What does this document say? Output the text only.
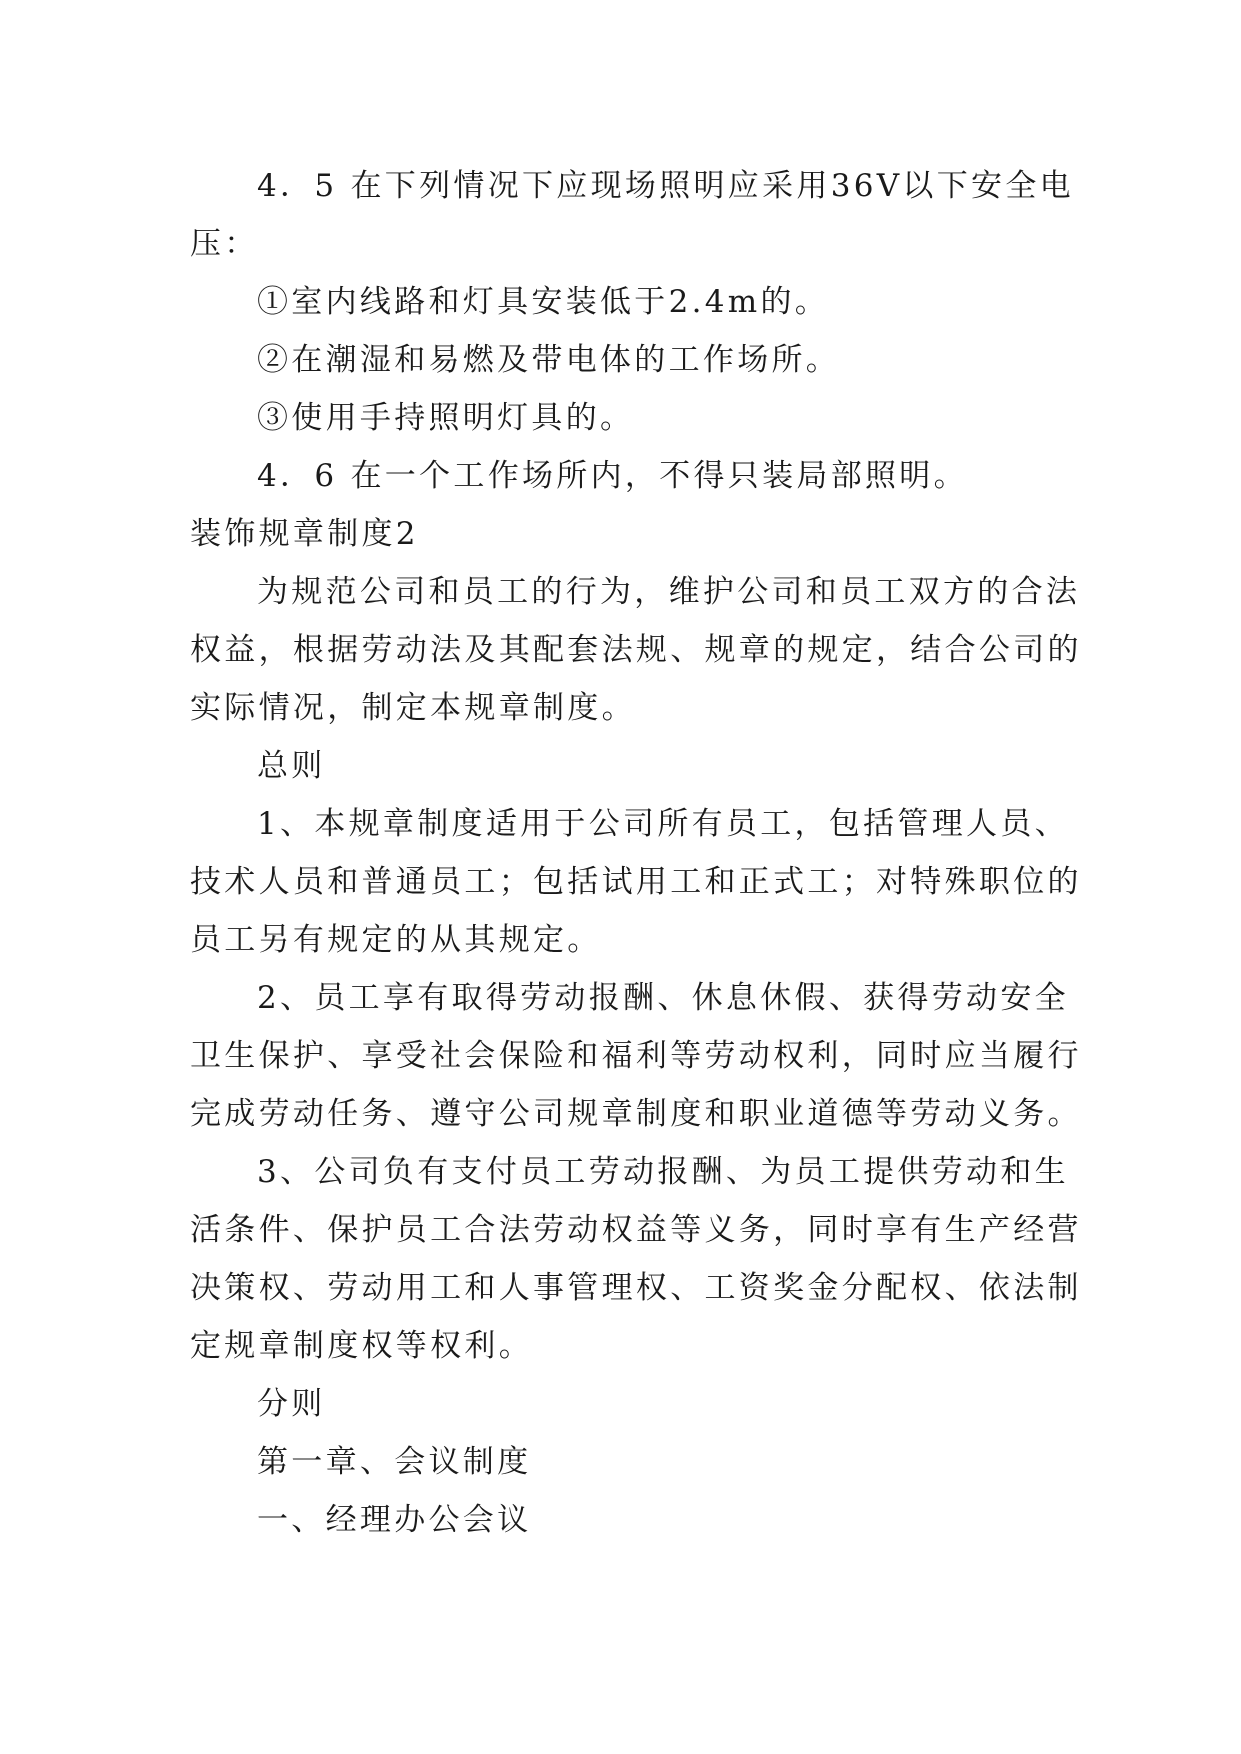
4．5 在下列情况下应现场照明应采用36V以下安全电
压：
①室内线路和灯具安装低于2.4m的。
②在潮湿和易燃及带电体的工作场所。
③使用手持照明灯具的。
4．6 在一个工作场所内，不得只装局部照明。
装饰规章制度2
为规范公司和员工的行为，维护公司和员工双方的合法
权益，根据劳动法及其配套法规、规章的规定，结合公司的
实际情况，制定本规章制度。
总则
1、本规章制度适用于公司所有员工，包括管理人员、
技术人员和普通员工；包括试用工和正式工；对特殊职位的
员工另有规定的从其规定。
2、员工享有取得劳动报酬、休息休假、获得劳动安全
卫生保护、享受社会保险和福利等劳动权利，同时应当履行
完成劳动任务、遵守公司规章制度和职业道德等劳动义务。
3、公司负有支付员工劳动报酬、为员工提供劳动和生
活条件、保护员工合法劳动权益等义务，同时享有生产经营
决策权、劳动用工和人事管理权、工资奖金分配权、依法制
定规章制度权等权利。
分则
第一章、会议制度
一、经理办公会议
